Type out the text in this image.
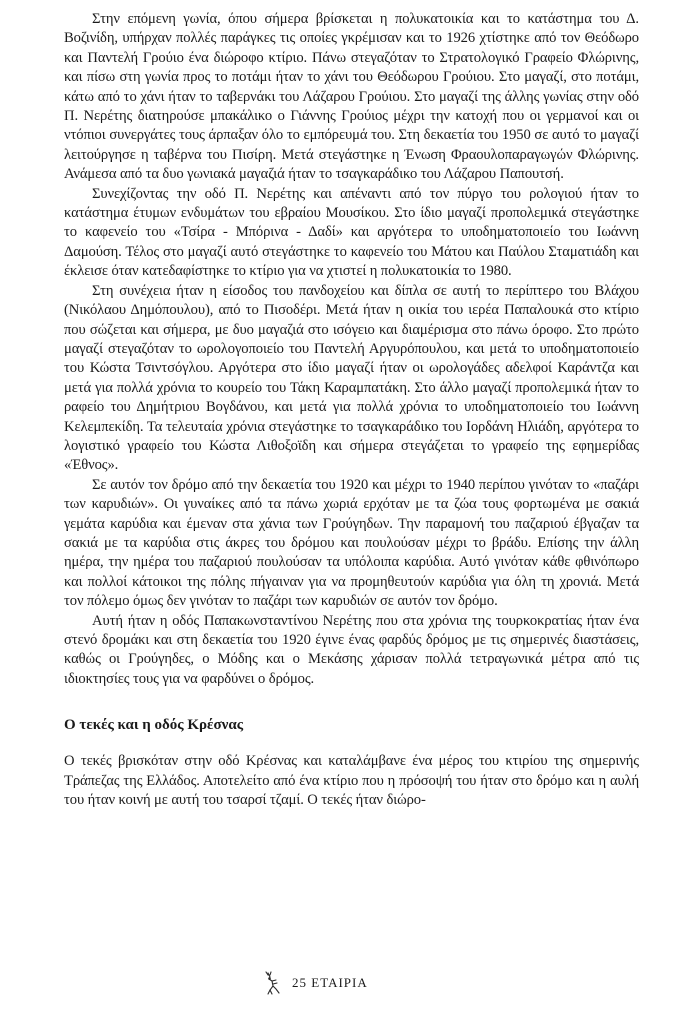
Στην επόμενη γωνία, όπου σήμερα βρίσκεται η πολυκατοικία και το κατάστημα του Δ. Βοζινίδη, υπήρχαν πολλές παράγκες τις οποίες γκρέμισαν και το 1926 χτίστηκε από τον Θεόδωρο και Παντελή Γρούιο ένα διώροφο κτίριο. Πάνω στεγαζόταν το Στρατολογικό Γραφείο Φλώρινης, και πίσω στη γωνία προς το ποτάμι ήταν το χάνι του Θεόδωρου Γρούιου. Στο μαγαζί, στο ποτάμι, κάτω από το χάνι ήταν το ταβερνάκι του Λάζαρου Γρούιου. Στο μαγαζί της άλλης γωνίας στην οδό Π. Νερέτης διατηρούσε μπακάλικο ο Γιάννης Γρούιος μέχρι την κατοχή που οι γερμανοί και οι ντόπιοι συνεργάτες τους άρπαξαν όλο το εμπόρευμά του. Στη δεκαετία του 1950 σε αυτό το μαγαζί λειτούργησε η ταβέρνα του Πισίρη. Μετά στεγάστηκε η Ένωση Φραουλοπαραγωγών Φλώρινης. Ανάμεσα από τα δυο γωνιακά μαγαζιά ήταν το τσαγκαράδικο του Λάζαρου Παπουτσή.

Συνεχίζοντας την οδό Π. Νερέτης και απέναντι από τον πύργο του ρολογιού ήταν το κατάστημα έτυμων ενδυμάτων του εβραίου Μουσίκου. Στο ίδιο μαγαζί προπολεμικά στεγάστηκε το καφενείο του «Τσίρα - Μπόρινα - Δαδί» και αργότερα το υποδηματοποιείο του Ιωάννη Δαμούση. Τέλος στο μαγαζί αυτό στεγάστηκε το καφενείο του Μάτου και Παύλου Σταματιάδη και έκλεισε όταν κατεδαφίστηκε το κτίριο για να χτιστεί η πολυκατοικία το 1980.

Στη συνέχεια ήταν η είσοδος του πανδοχείου και δίπλα σε αυτή το περίπτερο του Βλάχου (Νικόλαου Δημόπουλου), από το Πισοδέρι. Μετά ήταν η οικία του ιερέα Παπαλουκά στο κτίριο που σώζεται και σήμερα, με δυο μαγαζιά στο ισόγειο και διαμέρισμα στο πάνω όροφο. Στο πρώτο μαγαζί στεγαζόταν το ωρολογοποιείο του Παντελή Αργυρόπουλου, και μετά το υποδηματοποιείο του Κώστα Τσιντσόγλου. Αργότερα στο ίδιο μαγαζί ήταν οι ωρολογάδες αδελφοί Καράντζα και μετά για πολλά χρόνια το κουρείο του Τάκη Καραμπατάκη. Στο άλλο μαγαζί προπολεμικά ήταν το ραφείο του Δημήτριου Βογδάνου, και μετά για πολλά χρόνια το υποδηματοποιείο του Ιωάννη Κελεμπεκίδη. Τα τελευταία χρόνια στεγάστηκε το τσαγκαράδικο του Ιορδάνη Ηλιάδη, αργότερα το λογιστικό γραφείο του Κώστα Λιθοξοϊδη και σήμερα στεγάζεται το γραφείο της εφημερίδας «Έθνος».

Σε αυτόν τον δρόμο από την δεκαετία του 1920 και μέχρι το 1940 περίπου γινόταν το «παζάρι των καρυδιών». Οι γυναίκες από τα πάνω χωριά ερχόταν με τα ζώα τους φορτωμένα με σακιά γεμάτα καρύδια και έμεναν στα χάνια των Γρούγηδων. Την παραμονή του παζαριού έβγαζαν τα σακιά με τα καρύδια στις άκρες του δρόμου και πουλούσαν μέχρι το βράδυ. Επίσης την άλλη ημέρα, την ημέρα του παζαριού πουλούσαν τα υπόλοιπα καρύδια. Αυτό γινόταν κάθε φθινόπωρο και πολλοί κάτοικοι της πόλης πήγαιναν για να προμηθευτούν καρύδια για όλη τη χρονιά. Μετά τον πόλεμο όμως δεν γινόταν το παζάρι των καρυδιών σε αυτόν τον δρόμο.

Αυτή ήταν η οδός Παπακωνσταντίνου Νερέτης που στα χρόνια της τουρκοκρατίας ήταν ένα στενό δρομάκι και στη δεκαετία του 1920 έγινε ένας φαρδύς δρόμος με τις σημερινές διαστάσεις, καθώς οι Γρούγηδες, ο Μόδης και ο Μεκάσης χάρισαν πολλά τετραγωνικά μέτρα από τις ιδιοκτησίες τους για να φαρδύνει ο δρόμος.

Ο τεκές και η οδός Κρέσνας

Ο τεκές βρισκόταν στην οδό Κρέσνας και καταλάμβανε ένα μέρος του κτιρίου της σημερινής Τράπεζας της Ελλάδος. Αποτελείτο από ένα κτίριο που η πρόσοψή του ήταν στο δρόμο και η αυλή του ήταν κοινή με αυτή του τσαρσί τζαμί. Ο τεκές ήταν διώρο-

25 ΕΤΑΙΡΙΑ
